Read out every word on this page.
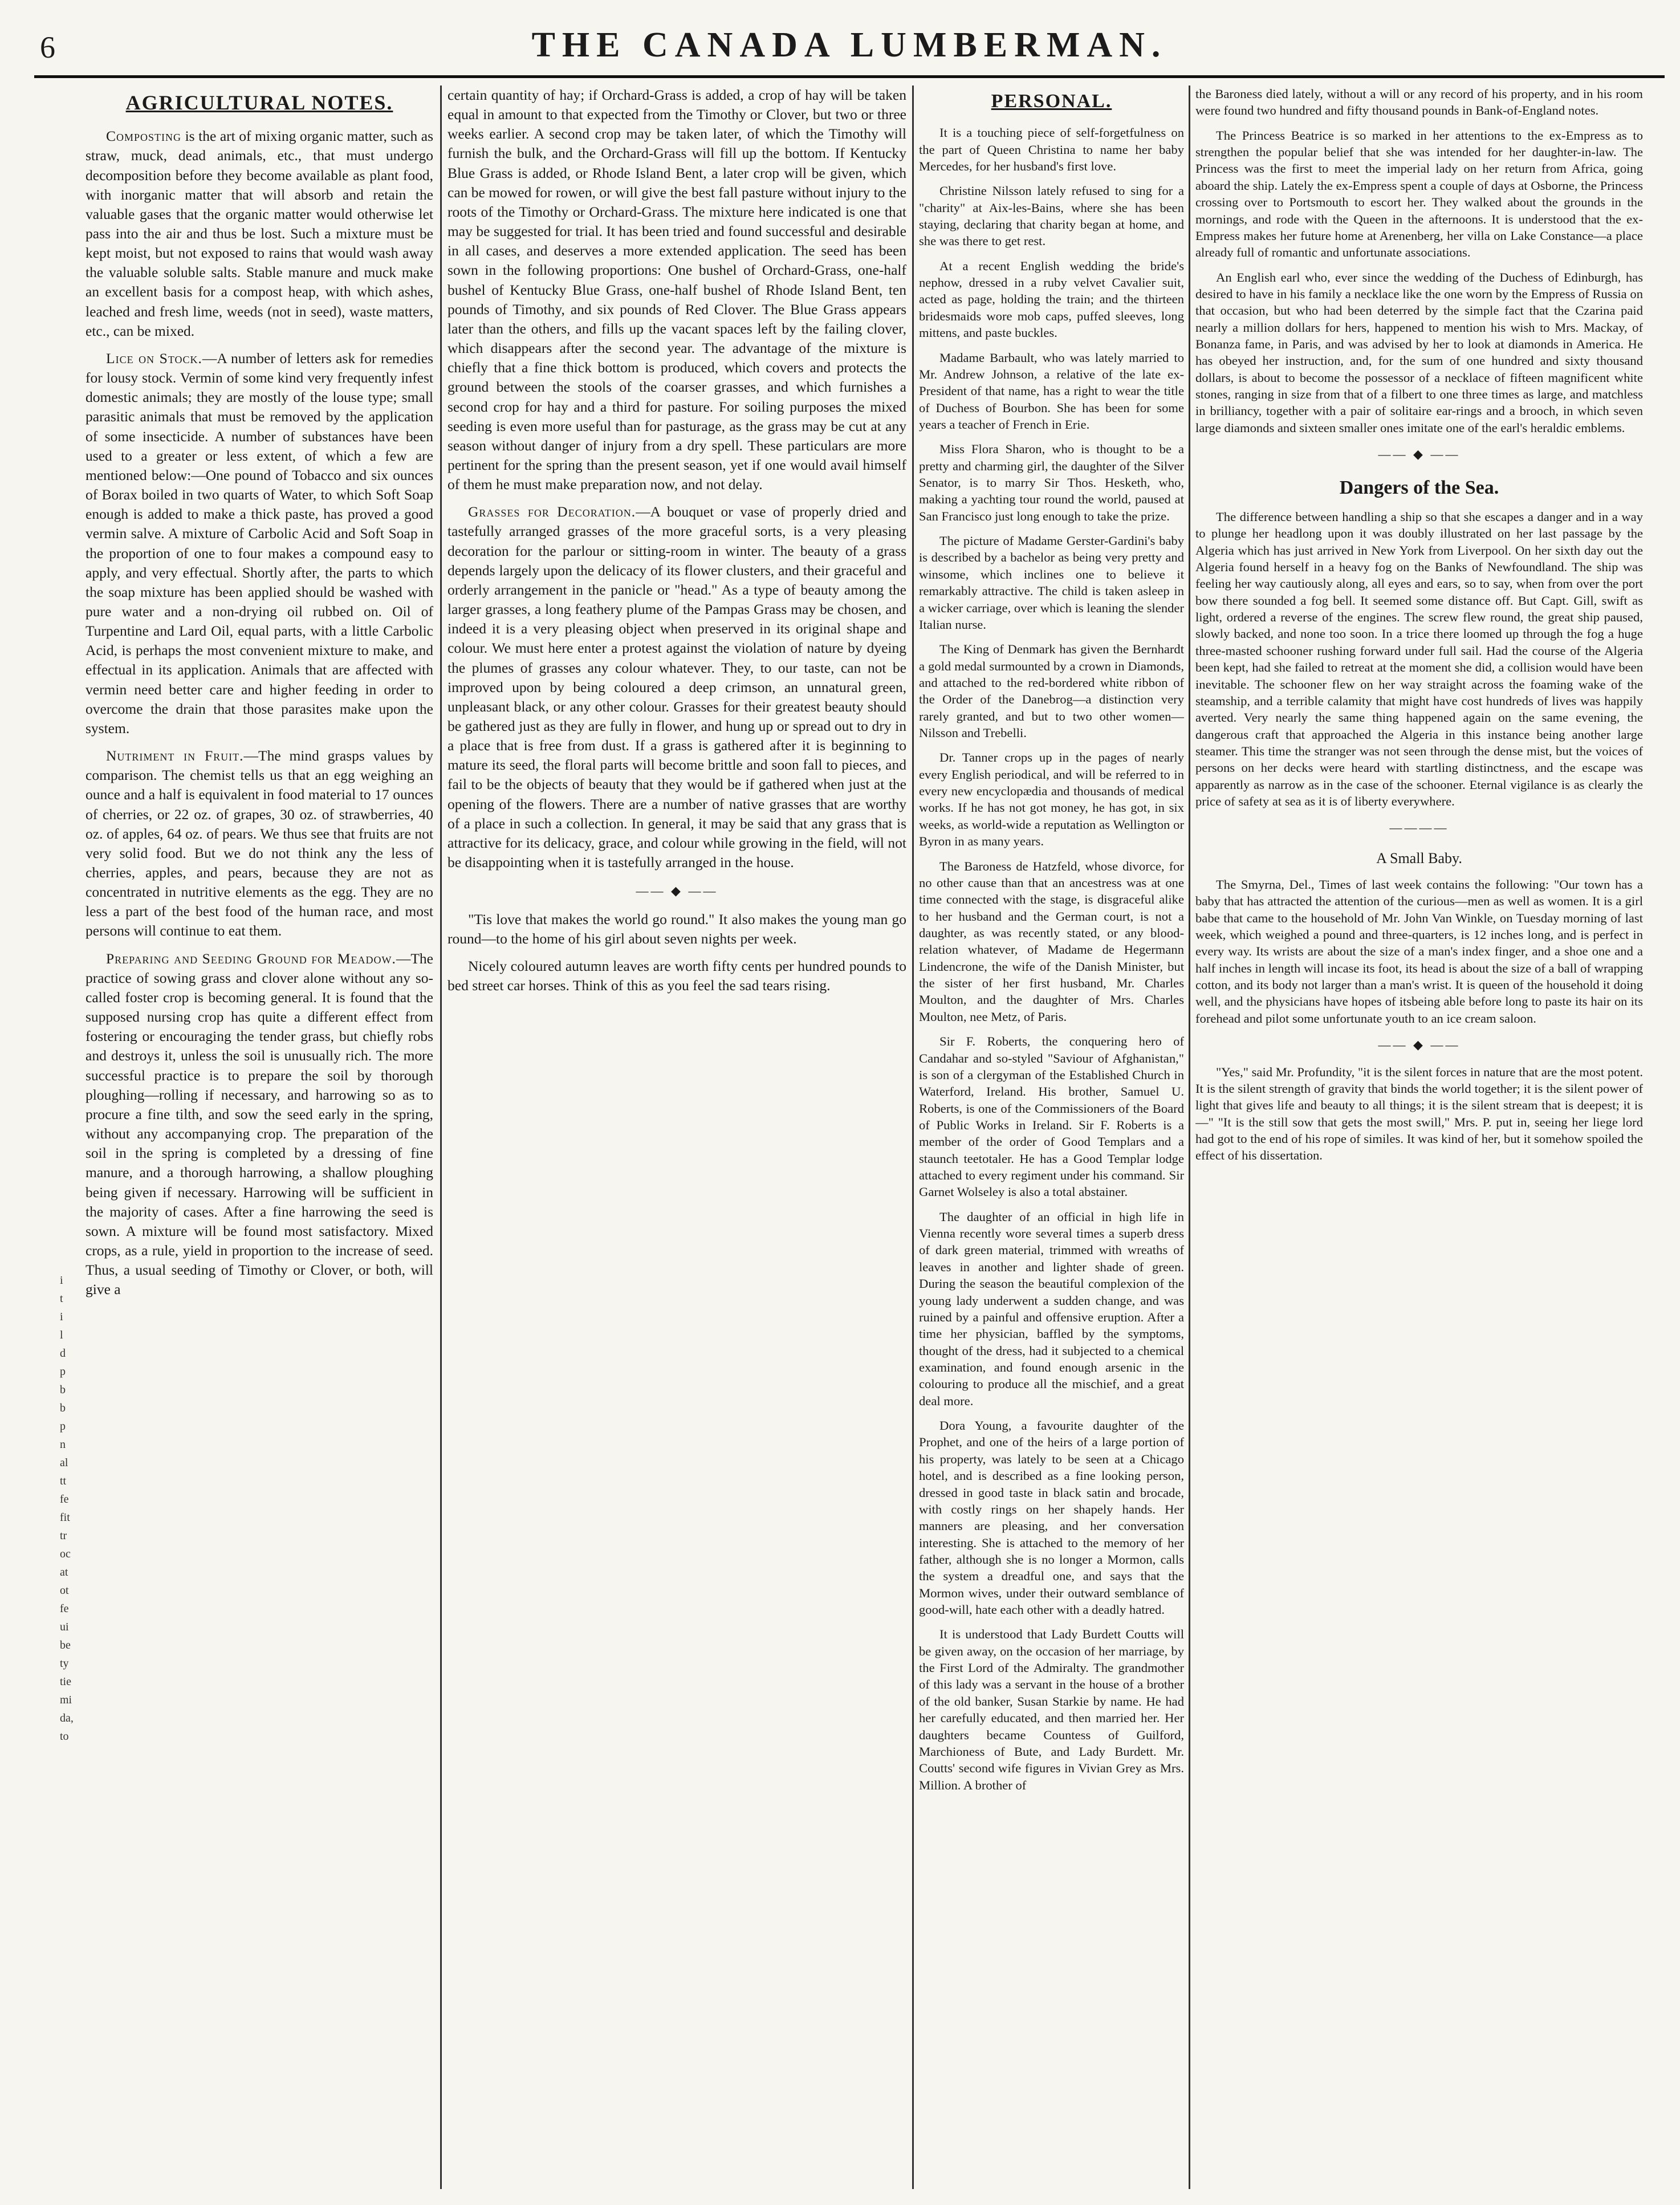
6	THE CANADA LUMBERMAN.
i
t
i
l
d
p
b
b
p
n
al
tt
fe
fit
tr
oc
at
ot
fe
ui
be
ty
tie
mi
da,
to
AGRICULTURAL NOTES.

Composting is the art of mixing organic matter, such as straw, muck, dead animals, etc., that must undergo decomposition before they become available as plant food, with inorganic matter that will absorb and retain the valuable gases that the organic matter would otherwise let pass into the air and thus be lost. Such a mixture must be kept moist, but not exposed to rains that would wash away the valuable soluble salts. Stable manure and muck make an excellent basis for a compost heap, with which ashes, leached and fresh lime, weeds (not in seed), waste matters, etc., can be mixed.

Lice on Stock.—A number of letters ask for remedies for lousy stock. Vermin of some kind very frequently infest domestic animals; they are mostly of the louse type; small parasitic animals that must be removed by the application of some insecticide. A number of substances have been used to a greater or less extent, of which a few are mentioned below:—One pound of Tobacco and six ounces of Borax boiled in two quarts of Water, to which Soft Soap enough is added to make a thick paste, has proved a good vermin salve. A mixture of Carbolic Acid and Soft Soap in the proportion of one to four makes a compound easy to apply, and very effectual. Shortly after, the parts to which the soap mixture has been applied should be washed with pure water and a non-drying oil rubbed on. Oil of Turpentine and Lard Oil, equal parts, with a little Carbolic Acid, is perhaps the most convenient mixture to make, and effectual in its application. Animals that are affected with vermin need better care and higher feeding in order to overcome the drain that those parasites make upon the system.

Nutriment in Fruit.—The mind grasps values by comparison. The chemist tells us that an egg weighing an ounce and a half is equivalent in food material to 17 ounces of cherries, or 22 oz. of grapes, 30 oz. of strawberries, 40 oz. of apples, 64 oz. of pears. We thus see that fruits are not very solid food. But we do not think any the less of cherries, apples, and pears, because they are not as concentrated in nutritive elements as the egg. They are no less a part of the best food of the human race, and most persons will continue to eat them.

Preparing and Seeding Ground for Meadow.—The practice of sowing grass and clover alone without any so-called foster crop is becoming general. It is found that the supposed nursing crop has quite a different effect from fostering or encouraging the tender grass, but chiefly robs and destroys it, unless the soil is unusually rich. The more successful practice is to prepare the soil by thorough ploughing—rolling if necessary, and harrowing so as to procure a fine tilth, and sow the seed early in the spring, without any accompanying crop. The preparation of the soil in the spring is completed by a dressing of fine manure, and a thorough harrowing, a shallow ploughing being given if necessary. Harrowing will be sufficient in the majority of cases. After a fine harrowing the seed is sown. A mixture will be found most satisfactory. Mixed crops, as a rule, yield in proportion to the increase of seed. Thus, a usual seeding of Timothy or Clover, or both, will give a

certain quantity of hay; if Orchard-Grass is added, a crop of hay will be taken equal in amount to that expected from the Timothy or Clover, but two or three weeks earlier. A second crop may be taken later, of which the Timothy will furnish the bulk, and the Orchard-Grass will fill up the bottom. If Kentucky Blue Grass is added, or Rhode Island Bent, a later crop will be given, which can be mowed for rowen, or will give the best fall pasture without injury to the roots of the Timothy or Orchard-Grass. The mixture here indicated is one that may be suggested for trial. It has been tried and found successful and desirable in all cases, and deserves a more extended application. The seed has been sown in the following proportions: One bushel of Orchard-Grass, one-half bushel of Kentucky Blue Grass, one-half bushel of Rhode Island Bent, ten pounds of Timothy, and six pounds of Red Clover. The Blue Grass appears later than the others, and fills up the vacant spaces left by the failing clover, which disappears after the second year. The advantage of the mixture is chiefly that a fine thick bottom is produced, which covers and protects the ground between the stools of the coarser grasses, and which furnishes a second crop for hay and a third for pasture. For soiling purposes the mixed seeding is even more useful than for pasturage, as the grass may be cut at any season without danger of injury from a dry spell. These particulars are more pertinent for the spring than the present season, yet if one would avail himself of them he must make preparation now, and not delay.

Grasses for Decoration.—A bouquet or vase of properly dried and tastefully arranged grasses of the more graceful sorts, is a very pleasing decoration for the parlour or sitting-room in winter. The beauty of a grass depends largely upon the delicacy of its flower clusters, and their graceful and orderly arrangement in the panicle or "head." As a type of beauty among the larger grasses, a long feathery plume of the Pampas Grass may be chosen, and indeed it is a very pleasing object when preserved in its original shape and colour. We must here enter a protest against the violation of nature by dyeing the plumes of grasses any colour whatever. They, to our taste, can not be improved upon by being coloured a deep crimson, an unnatural green, unpleasant black, or any other colour. Grasses for their greatest beauty should be gathered just as they are fully in flower, and hung up or spread out to dry in a place that is free from dust. If a grass is gathered after it is beginning to mature its seed, the floral parts will become brittle and soon fall to pieces, and fail to be the objects of beauty that they would be if gathered when just at the opening of the flowers. There are a number of native grasses that are worthy of a place in such a collection. In general, it may be said that any grass that is attractive for its delicacy, grace, and colour while growing in the field, will not be disappointing when it is tastefully arranged in the house.

—— ◆ ——

"Tis love that makes the world go round." It also makes the young man go round—to the home of his girl about seven nights per week.

Nicely coloured autumn leaves are worth fifty cents per hundred pounds to bed street car horses. Think of this as you feel the sad tears rising.

PERSONAL.

It is a touching piece of self-forgetfulness on the part of Queen Christina to name her baby Mercedes, for her husband's first love.

Christine Nilsson lately refused to sing for a "charity" at Aix-les-Bains, where she has been staying, declaring that charity began at home, and she was there to get rest.

At a recent English wedding the bride's nephow, dressed in a ruby velvet Cavalier suit, acted as page, holding the train; and the thirteen bridesmaids wore mob caps, puffed sleeves, long mittens, and paste buckles.

Madame Barbault, who was lately married to Mr. Andrew Johnson, a relative of the late ex-President of that name, has a right to wear the title of Duchess of Bourbon. She has been for some years a teacher of French in Erie.

Miss Flora Sharon, who is thought to be a pretty and charming girl, the daughter of the Silver Senator, is to marry Sir Thos. Hesketh, who, making a yachting tour round the world, paused at San Francisco just long enough to take the prize.

The picture of Madame Gerster-Gardini's baby is described by a bachelor as being very pretty and winsome, which inclines one to believe it remarkably attractive. The child is taken asleep in a wicker carriage, over which is leaning the slender Italian nurse.

The King of Denmark has given the Bernhardt a gold medal surmounted by a crown in Diamonds, and attached to the red-bordered white ribbon of the Order of the Danebrog—a distinction very rarely granted, and but to two other women—Nilsson and Trebelli.

Dr. Tanner crops up in the pages of nearly every English periodical, and will be referred to in every new encyclopædia and thousands of medical works. If he has not got money, he has got, in six weeks, as world-wide a reputation as Wellington or Byron in as many years.

The Baroness de Hatzfeld, whose divorce, for no other cause than that an ancestress was at one time connected with the stage, is disgraceful alike to her husband and the German court, is not a daughter, as was recently stated, or any blood-relation whatever, of Madame de Hegermann Lindencrone, the wife of the Danish Minister, but the sister of her first husband, Mr. Charles Moulton, and the daughter of Mrs. Charles Moulton, nee Metz, of Paris.

Sir F. Roberts, the conquering hero of Candahar and so-styled "Saviour of Afghanistan," is son of a clergyman of the Established Church in Waterford, Ireland. His brother, Samuel U. Roberts, is one of the Commissioners of the Board of Public Works in Ireland. Sir F. Roberts is a member of the order of Good Templars and a staunch teetotaler. He has a Good Templar lodge attached to every regiment under his command. Sir Garnet Wolseley is also a total abstainer.

The daughter of an official in high life in Vienna recently wore several times a superb dress of dark green material, trimmed with wreaths of leaves in another and lighter shade of green. During the season the beautiful complexion of the young lady underwent a sudden change, and was ruined by a painful and offensive eruption. After a time her physician, baffled by the symptoms, thought of the dress, had it subjected to a chemical examination, and found enough arsenic in the colouring to produce all the mischief, and a great deal more.

Dora Young, a favourite daughter of the Prophet, and one of the heirs of a large portion of his property, was lately to be seen at a Chicago hotel, and is described as a fine looking person, dressed in good taste in black satin and brocade, with costly rings on her shapely hands. Her manners are pleasing, and her conversation interesting. She is attached to the memory of her father, although she is no longer a Mormon, calls the system a dreadful one, and says that the Mormon wives, under their outward semblance of good-will, hate each other with a deadly hatred.

It is understood that Lady Burdett Coutts will be given away, on the occasion of her marriage, by the First Lord of the Admiralty. The grandmother of this lady was a servant in the house of a brother of the old banker, Susan Starkie by name. He had her carefully educated, and then married her. Her daughters became Countess of Guilford, Marchioness of Bute, and Lady Burdett. Mr. Coutts' second wife figures in Vivian Grey as Mrs. Million. A brother of

the Baroness died lately, without a will or any record of his property, and in his room were found two hundred and fifty thousand pounds in Bank-of-England notes.

The Princess Beatrice is so marked in her attentions to the ex-Empress as to strengthen the popular belief that she was intended for her daughter-in-law. The Princess was the first to meet the imperial lady on her return from Africa, going aboard the ship. Lately the ex-Empress spent a couple of days at Osborne, the Princess crossing over to Portsmouth to escort her. They walked about the grounds in the mornings, and rode with the Queen in the afternoons. It is understood that the ex-Empress makes her future home at Arenenberg, her villa on Lake Constance—a place already full of romantic and unfortunate associations.

An English earl who, ever since the wedding of the Duchess of Edinburgh, has desired to have in his family a necklace like the one worn by the Empress of Russia on that occasion, but who had been deterred by the simple fact that the Czarina paid nearly a million dollars for hers, happened to mention his wish to Mrs. Mackay, of Bonanza fame, in Paris, and was advised by her to look at diamonds in America. He has obeyed her instruction, and, for the sum of one hundred and sixty thousand dollars, is about to become the possessor of a necklace of fifteen magnificent white stones, ranging in size from that of a filbert to one three times as large, and matchless in brilliancy, together with a pair of solitaire ear-rings and a brooch, in which seven large diamonds and sixteen smaller ones imitate one of the earl's heraldic emblems.

—— ◆ ——
Dangers of the Sea.

The difference between handling a ship so that she escapes a danger and in a way to plunge her headlong upon it was doubly illustrated on her last passage by the Algeria which has just arrived in New York from Liverpool. On her sixth day out the Algeria found herself in a heavy fog on the Banks of Newfoundland. The ship was feeling her way cautiously along, all eyes and ears, so to say, when from over the port bow there sounded a fog bell. It seemed some distance off. But Capt. Gill, swift as light, ordered a reverse of the engines. The screw flew round, the great ship paused, slowly backed, and none too soon. In a trice there loomed up through the fog a huge three-masted schooner rushing forward under full sail. Had the course of the Algeria been kept, had she failed to retreat at the moment she did, a collision would have been inevitable. The schooner flew on her way straight across the foaming wake of the steamship, and a terrible calamity that might have cost hundreds of lives was happily averted. Very nearly the same thing happened again on the same evening, the dangerous craft that approached the Algeria in this instance being another large steamer. This time the stranger was not seen through the dense mist, but the voices of persons on her decks were heard with startling distinctness, and the escape was apparently as narrow as in the case of the schooner. Eternal vigilance is as clearly the price of safety at sea as it is of liberty everywhere.

————
A Small Baby.

The Smyrna, Del., Times of last week contains the following: "Our town has a baby that has attracted the attention of the curious—men as well as women. It is a girl babe that came to the household of Mr. John Van Winkle, on Tuesday morning of last week, which weighed a pound and three-quarters, is 12 inches long, and is perfect in every way. Its wrists are about the size of a man's index finger, and a shoe one and a half inches in length will incase its foot, its head is about the size of a ball of wrapping cotton, and its body not larger than a man's wrist. It is queen of the household it doing well, and the physicians have hopes of itsbeing able before long to paste its hair on its forehead and pilot some unfortunate youth to an ice cream saloon.

—— ◆ ——

"Yes," said Mr. Profundity, "it is the silent forces in nature that are the most potent. It is the silent strength of gravity that binds the world together; it is the silent power of light that gives life and beauty to all things; it is the silent stream that is deepest; it is—" "It is the still sow that gets the most swill," Mrs. P. put in, seeing her liege lord had got to the end of his rope of similes. It was kind of her, but it somehow spoiled the effect of his dissertation.
